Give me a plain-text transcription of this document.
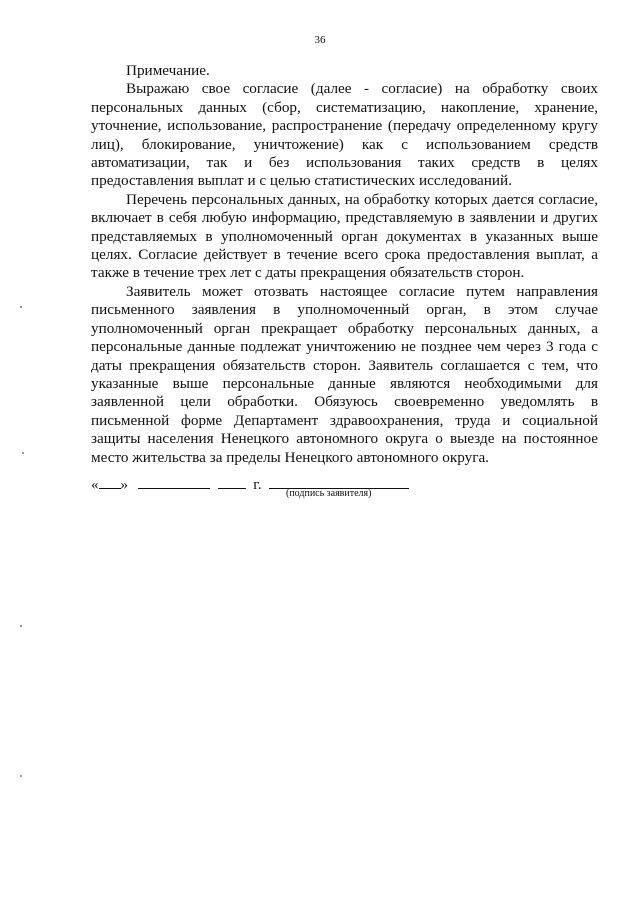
36

Примечание.

Выражаю свое согласие (далее - согласие) на обработку своих персональных данных (сбор, систематизацию, накопление, хранение, уточнение, использование, распространение (передачу определенному кругу лиц), блокирование, уничтожение) как с использованием средств автоматизации, так и без использования таких средств в целях предоставления выплат и с целью статистических исследований.

Перечень персональных данных, на обработку которых дается согласие, включает в себя любую информацию, представляемую в заявлении и других представляемых в уполномоченный орган документах в указанных выше целях. Согласие действует в течение всего срока предоставления выплат, а также в течение трех лет с даты прекращения обязательств сторон.

Заявитель может отозвать настоящее согласие путем направления письменного заявления в уполномоченный орган, в этом случае уполномоченный орган прекращает обработку персональных данных, а персональные данные подлежат уничтожению не позднее чем через 3 года с даты прекращения обязательств сторон. Заявитель соглашается с тем, что указанные выше персональные данные являются необходимыми для заявленной цели обработки. Обязуюсь своевременно уведомлять в письменной форме Департамент здравоохранения, труда и социальной защиты населения Ненецкого автономного округа о выезде на постоянное место жительства за пределы Ненецкого автономного округа.

« »	г.
(подпись заявителя)
